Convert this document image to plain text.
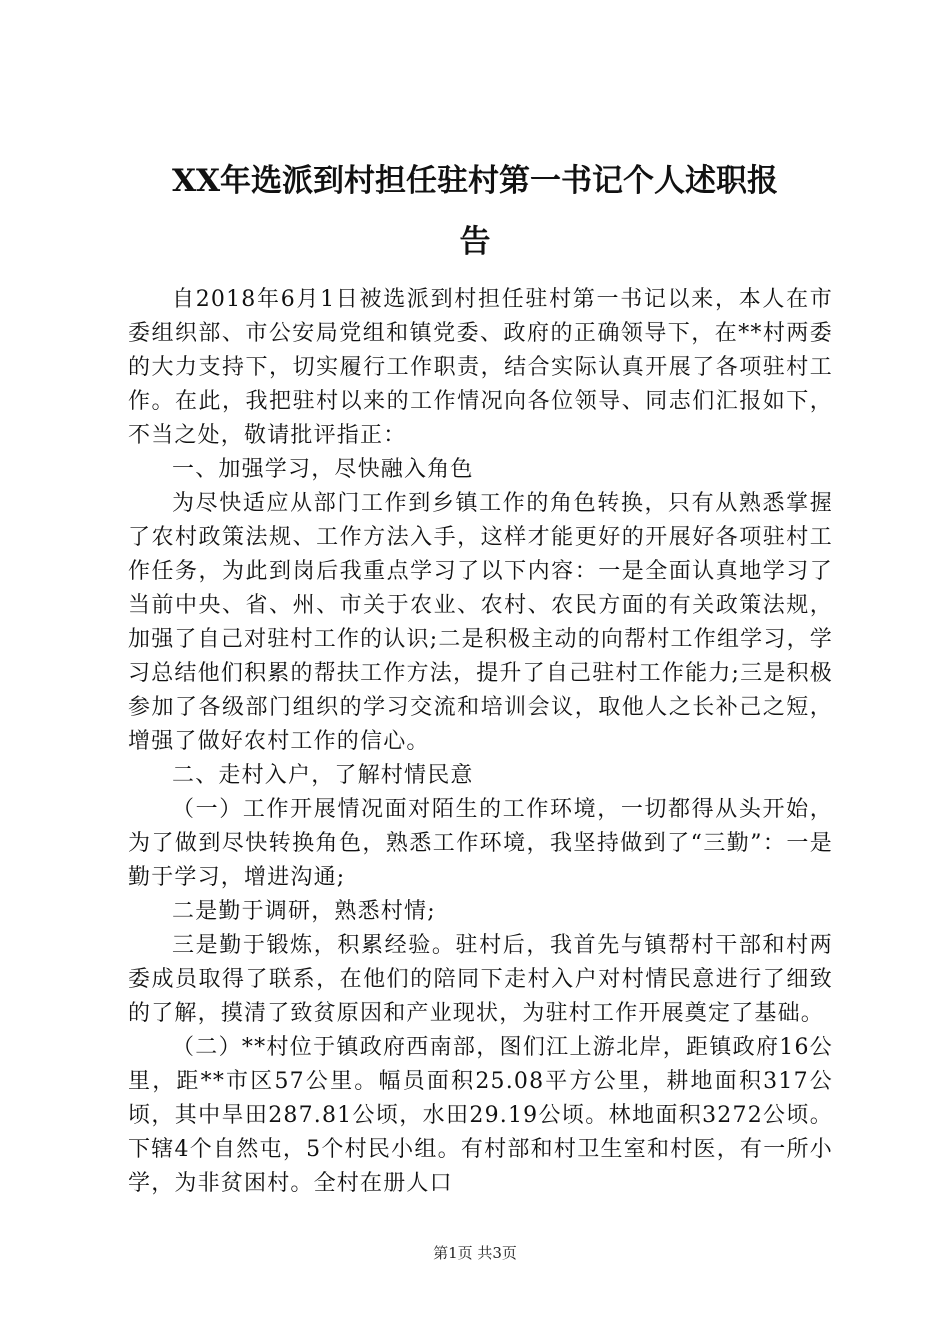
XX年选派到村担任驻村第一书记个人述职报
告

自2018年6月1日被选派到村担任驻村第一书记以来，本人在市委组织部、市公安局党组和镇党委、政府的正确领导下，在**村两委的大力支持下，切实履行工作职责，结合实际认真开展了各项驻村工作。在此，我把驻村以来的工作情况向各位领导、同志们汇报如下，不当之处，敬请批评指正：

一、加强学习，尽快融入角色

为尽快适应从部门工作到乡镇工作的角色转换，只有从熟悉掌握了农村政策法规、工作方法入手，这样才能更好的开展好各项驻村工作任务，为此到岗后我重点学习了以下内容：一是全面认真地学习了当前中央、省、州、市关于农业、农村、农民方面的有关政策法规，加强了自己对驻村工作的认识;二是积极主动的向帮村工作组学习，学习总结他们积累的帮扶工作方法，提升了自己驻村工作能力;三是积极参加了各级部门组织的学习交流和培训会议，取他人之长补己之短，增强了做好农村工作的信心。

二、走村入户，了解村情民意

（一）工作开展情况面对陌生的工作环境，一切都得从头开始，为了做到尽快转换角色，熟悉工作环境，我坚持做到了“三勤”：一是勤于学习，增进沟通;

二是勤于调研，熟悉村情;

三是勤于锻炼，积累经验。驻村后，我首先与镇帮村干部和村两委成员取得了联系，在他们的陪同下走村入户对村情民意进行了细致的了解，摸清了致贫原因和产业现状，为驻村工作开展奠定了基础。

（二）**村位于镇政府西南部，图们江上游北岸，距镇政府16公里，距**市区57公里。幅员面积25.08平方公里，耕地面积317公顷，其中旱田287.81公顷，水田29.19公顷。林地面积3272公顷。下辖4个自然屯，5个村民小组。有村部和村卫生室和村医，有一所小学，为非贫困村。全村在册人口

第1页 共3页
